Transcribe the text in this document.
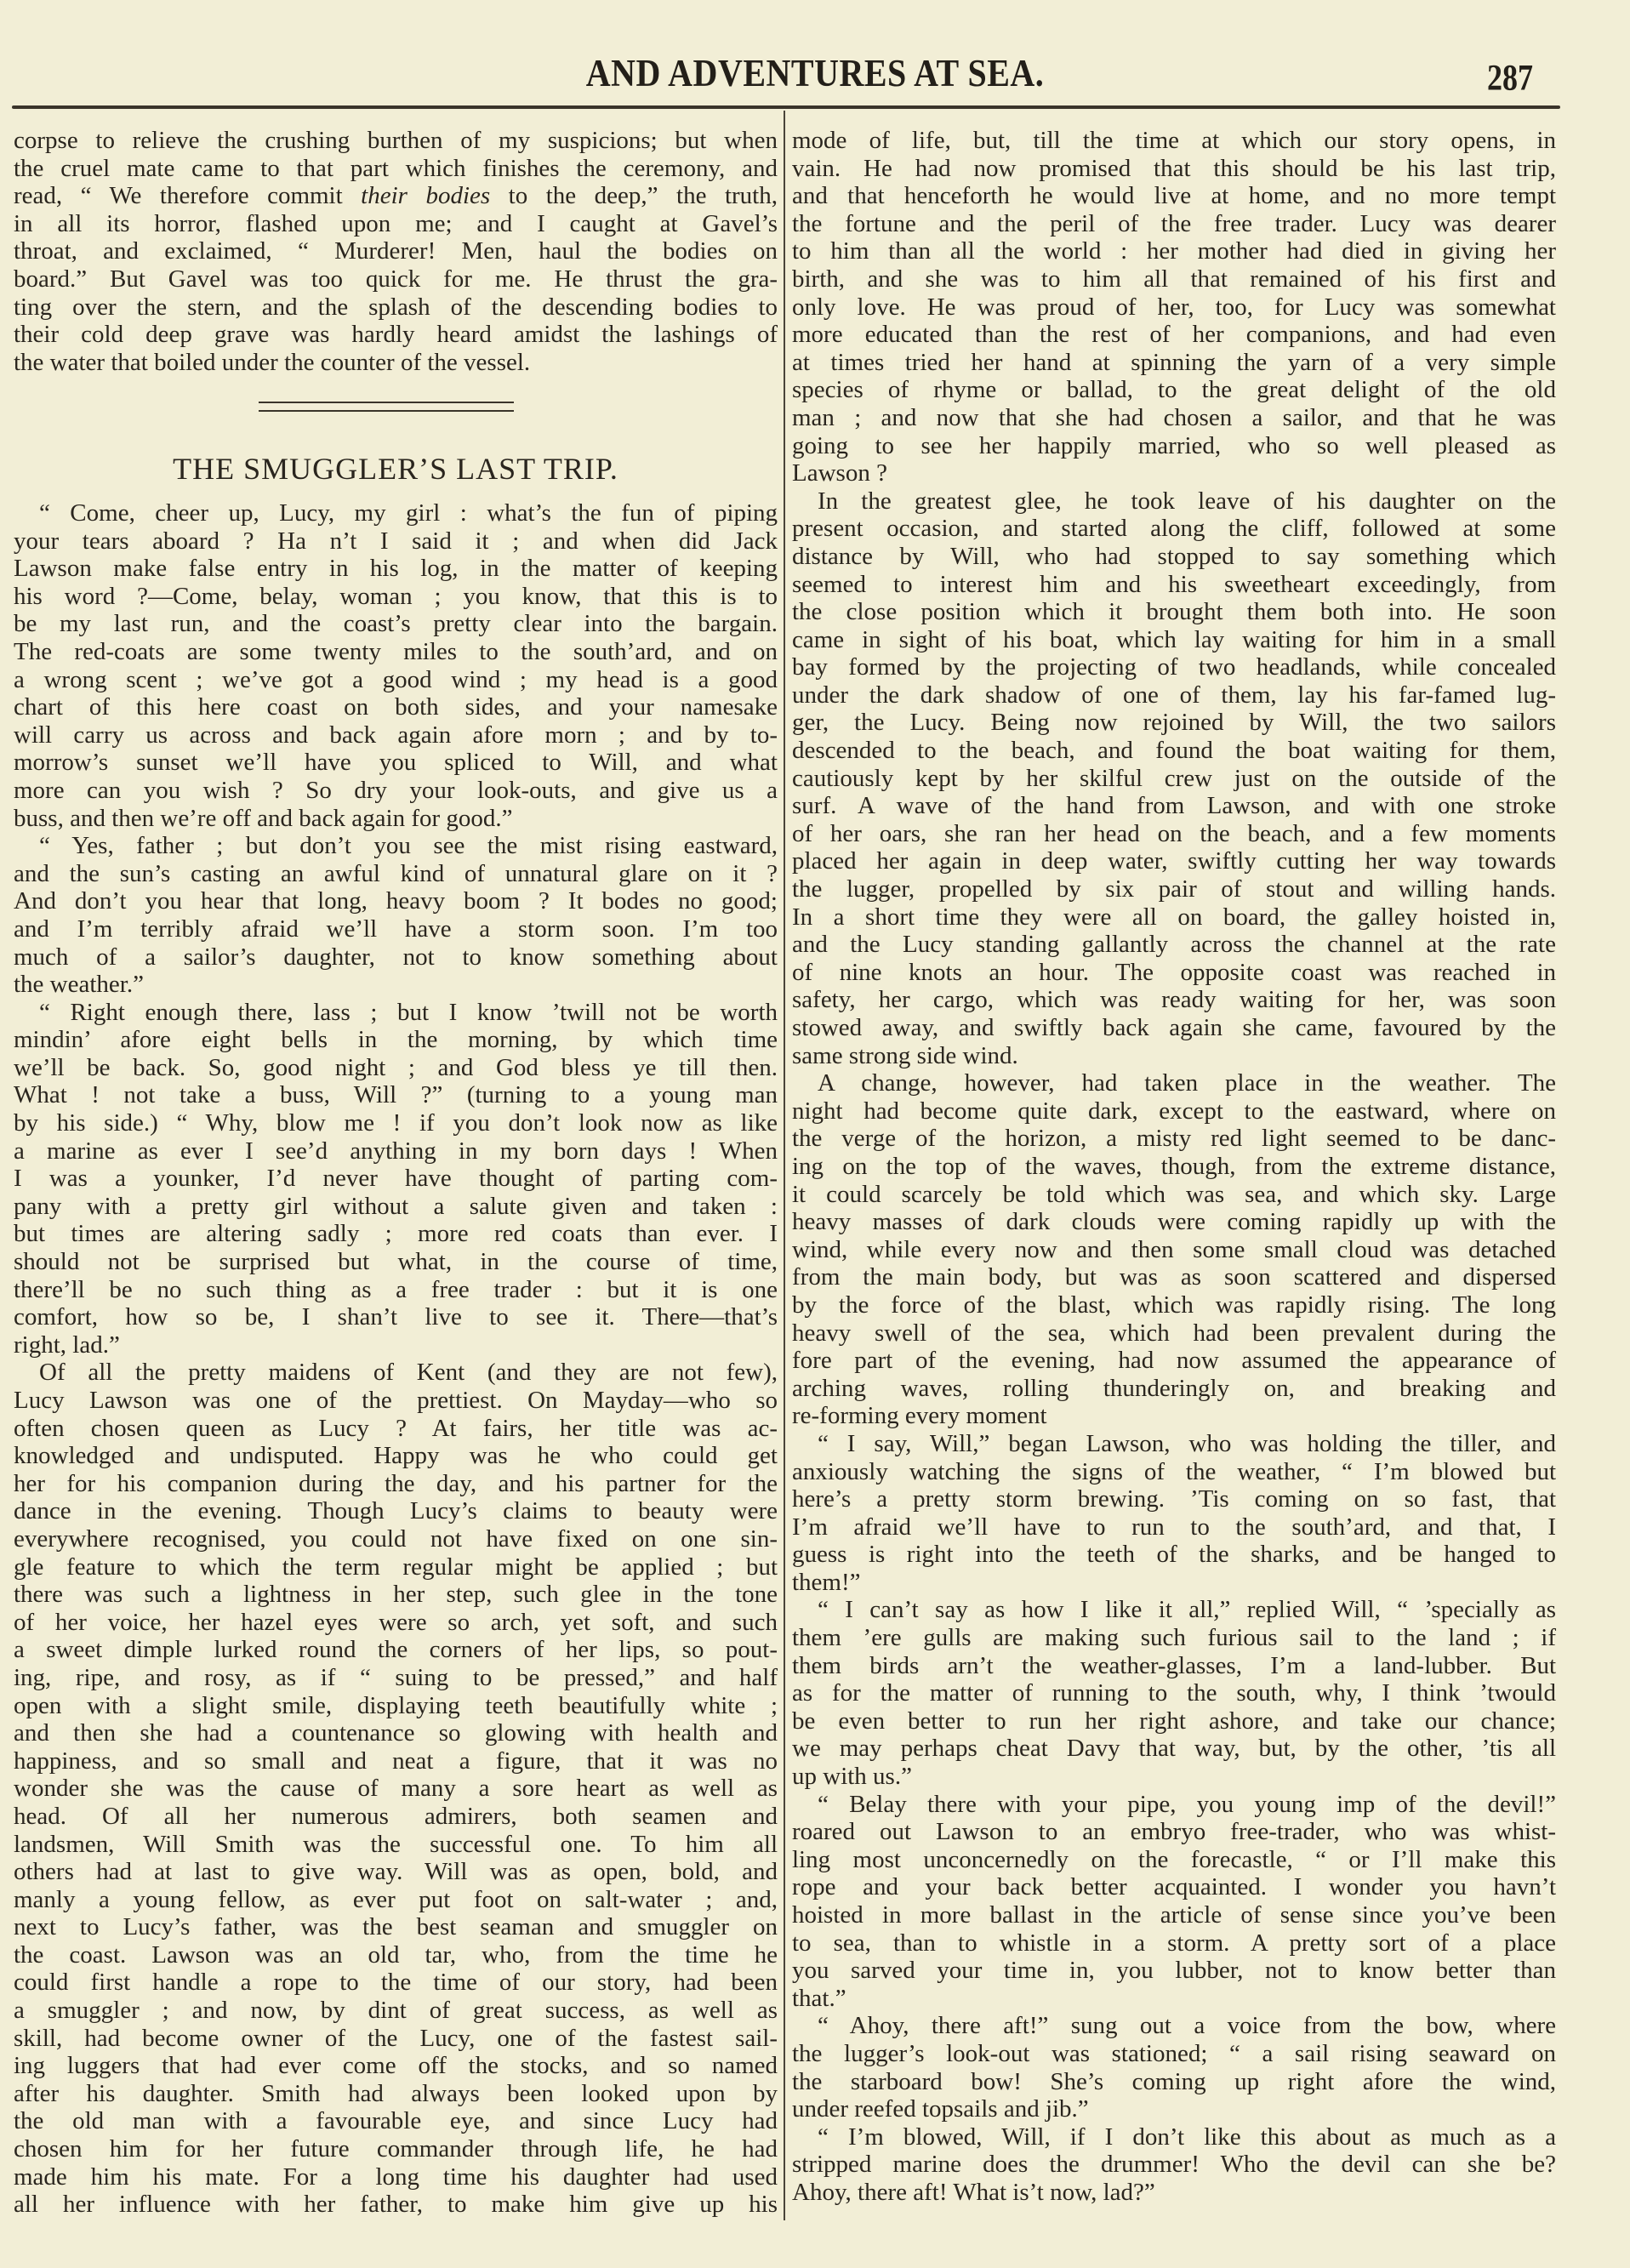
AND ADVENTURES AT SEA.	287
corpse to relieve the crushing burthen of my suspicions; but when
the cruel mate came to that part which finishes the ceremony, and
read, “ We therefore commit their bodies to the deep,” the truth,
in all its horror, flashed upon me; and I caught at Gavel’s
throat, and exclaimed, “ Murderer! Men, haul the bodies on
board.” But Gavel was too quick for me. He thrust the gra-
ting over the stern, and the splash of the descending bodies to
their cold deep grave was hardly heard amidst the lashings of
the water that boiled under the counter of the vessel.
THE SMUGGLER’S LAST TRIP.
“ Come, cheer up, Lucy, my girl : what’s the fun of piping
your tears aboard ? Ha n’t I said it ; and when did Jack
Lawson make false entry in his log, in the matter of keeping
his word ?—Come, belay, woman ; you know, that this is to
be my last run, and the coast’s pretty clear into the bargain.
The red-coats are some twenty miles to the south’ard, and on
a wrong scent ; we’ve got a good wind ; my head is a good
chart of this here coast on both sides, and your namesake
will carry us across and back again afore morn ; and by to-
morrow’s sunset we’ll have you spliced to Will, and what
more can you wish ? So dry your look-outs, and give us a
buss, and then we’re off and back again for good.”
“ Yes, father ; but don’t you see the mist rising eastward,
and the sun’s casting an awful kind of unnatural glare on it ?
And don’t you hear that long, heavy boom ? It bodes no good;
and I’m terribly afraid we’ll have a storm soon. I’m too
much of a sailor’s daughter, not to know something about
the weather.”
“ Right enough there, lass ; but I know ’twill not be worth
mindin’ afore eight bells in the morning, by which time
we’ll be back. So, good night ; and God bless ye till then.
What ! not take a buss, Will ?” (turning to a young man
by his side.) “ Why, blow me ! if you don’t look now as like
a marine as ever I see’d anything in my born days ! When
I was a younker, I’d never have thought of parting com-
pany with a pretty girl without a salute given and taken :
but times are altering sadly ; more red coats than ever. I
should not be surprised but what, in the course of time,
there’ll be no such thing as a free trader : but it is one
comfort, how so be, I shan’t live to see it. There—that’s
right, lad.”
Of all the pretty maidens of Kent (and they are not few),
Lucy Lawson was one of the prettiest. On Mayday—who so
often chosen queen as Lucy ? At fairs, her title was ac-
knowledged and undisputed. Happy was he who could get
her for his companion during the day, and his partner for the
dance in the evening. Though Lucy’s claims to beauty were
everywhere recognised, you could not have fixed on one sin-
gle feature to which the term regular might be applied ; but
there was such a lightness in her step, such glee in the tone
of her voice, her hazel eyes were so arch, yet soft, and such
a sweet dimple lurked round the corners of her lips, so pout-
ing, ripe, and rosy, as if “ suing to be pressed,” and half
open with a slight smile, displaying teeth beautifully white ;
and then she had a countenance so glowing with health and
happiness, and so small and neat a figure, that it was no
wonder she was the cause of many a sore heart as well as
head. Of all her numerous admirers, both seamen and
landsmen, Will Smith was the successful one. To him all
others had at last to give way. Will was as open, bold, and
manly a young fellow, as ever put foot on salt-water ; and,
next to Lucy’s father, was the best seaman and smuggler on
the coast. Lawson was an old tar, who, from the time he
could first handle a rope to the time of our story, had been
a smuggler ; and now, by dint of great success, as well as
skill, had become owner of the Lucy, one of the fastest sail-
ing luggers that had ever come off the stocks, and so named
after his daughter. Smith had always been looked upon by
the old man with a favourable eye, and since Lucy had
chosen him for her future commander through life, he had
made him his mate. For a long time his daughter had used
all her influence with her father, to make him give up his
mode of life, but, till the time at which our story opens, in
vain. He had now promised that this should be his last trip,
and that henceforth he would live at home, and no more tempt
the fortune and the peril of the free trader. Lucy was dearer
to him than all the world : her mother had died in giving her
birth, and she was to him all that remained of his first and
only love. He was proud of her, too, for Lucy was somewhat
more educated than the rest of her companions, and had even
at times tried her hand at spinning the yarn of a very simple
species of rhyme or ballad, to the great delight of the old
man ; and now that she had chosen a sailor, and that he was
going to see her happily married, who so well pleased as
Lawson ?
In the greatest glee, he took leave of his daughter on the
present occasion, and started along the cliff, followed at some
distance by Will, who had stopped to say something which
seemed to interest him and his sweetheart exceedingly, from
the close position which it brought them both into. He soon
came in sight of his boat, which lay waiting for him in a small
bay formed by the projecting of two headlands, while concealed
under the dark shadow of one of them, lay his far-famed lug-
ger, the Lucy. Being now rejoined by Will, the two sailors
descended to the beach, and found the boat waiting for them,
cautiously kept by her skilful crew just on the outside of the
surf. A wave of the hand from Lawson, and with one stroke
of her oars, she ran her head on the beach, and a few moments
placed her again in deep water, swiftly cutting her way towards
the lugger, propelled by six pair of stout and willing hands.
In a short time they were all on board, the galley hoisted in,
and the Lucy standing gallantly across the channel at the rate
of nine knots an hour. The opposite coast was reached in
safety, her cargo, which was ready waiting for her, was soon
stowed away, and swiftly back again she came, favoured by the
same strong side wind.
A change, however, had taken place in the weather. The
night had become quite dark, except to the eastward, where on
the verge of the horizon, a misty red light seemed to be danc-
ing on the top of the waves, though, from the extreme distance,
it could scarcely be told which was sea, and which sky. Large
heavy masses of dark clouds were coming rapidly up with the
wind, while every now and then some small cloud was detached
from the main body, but was as soon scattered and dispersed
by the force of the blast, which was rapidly rising. The long
heavy swell of the sea, which had been prevalent during the
fore part of the evening, had now assumed the appearance of
arching waves, rolling thunderingly on, and breaking and
re-forming every moment
“ I say, Will,” began Lawson, who was holding the tiller, and
anxiously watching the signs of the weather, “ I’m blowed but
here’s a pretty storm brewing. ’Tis coming on so fast, that
I’m afraid we’ll have to run to the south’ard, and that, I
guess is right into the teeth of the sharks, and be hanged to
them!”
“ I can’t say as how I like it all,” replied Will, “ ’specially as
them ’ere gulls are making such furious sail to the land ; if
them birds arn’t the weather-glasses, I’m a land-lubber. But
as for the matter of running to the south, why, I think ’twould
be even better to run her right ashore, and take our chance;
we may perhaps cheat Davy that way, but, by the other, ’tis all
up with us.”
“ Belay there with your pipe, you young imp of the devil!”
roared out Lawson to an embryo free-trader, who was whist-
ling most unconcernedly on the forecastle, “ or I’ll make this
rope and your back better acquainted. I wonder you havn’t
hoisted in more ballast in the article of sense since you’ve been
to sea, than to whistle in a storm. A pretty sort of a place
you sarved your time in, you lubber, not to know better than
that.”
“ Ahoy, there aft!” sung out a voice from the bow, where
the lugger’s look-out was stationed; “ a sail rising seaward on
the starboard bow! She’s coming up right afore the wind,
under reefed topsails and jib.”
“ I’m blowed, Will, if I don’t like this about as much as a
stripped marine does the drummer! Who the devil can she be?
Ahoy, there aft! What is’t now, lad?”
